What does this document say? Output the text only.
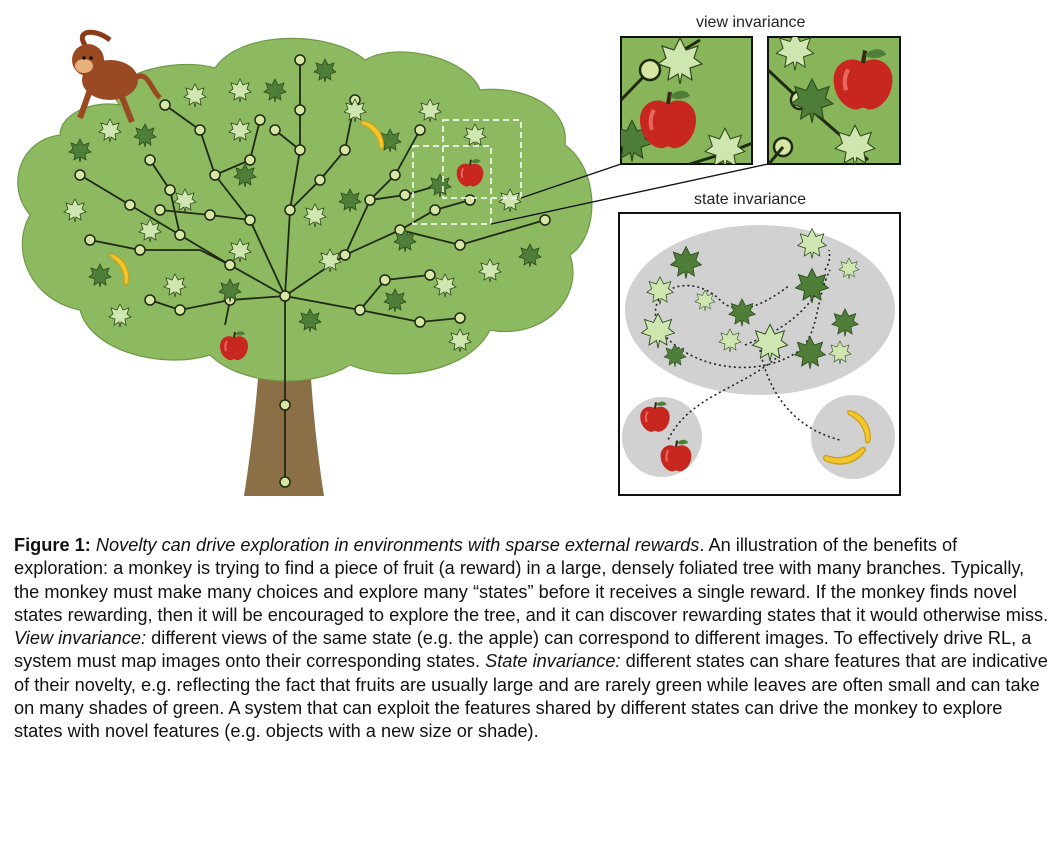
view invariance
state invariance

Figure 1: Novelty can drive exploration in environments with sparse external rewards. An illustration of the benefits of exploration: a monkey is trying to find a piece of fruit (a reward) in a large, densely foliated tree with many branches. Typically, the monkey must make many choices and explore many “states” before it receives a single reward. If the monkey finds novel states rewarding, then it will be encouraged to explore the tree, and it can discover rewarding states that it would otherwise miss. View invariance: different views of the same state (e.g. the apple) can correspond to different images. To effectively drive RL, a system must map images onto their corresponding states. State invariance: different states can share features that are indicative of their novelty, e.g. reflecting the fact that fruits are usually large and are rarely green while leaves are often small and can take on many shades of green. A system that can exploit the features shared by different states can drive the monkey to explore states with novel features (e.g. objects with a new size or shade).
